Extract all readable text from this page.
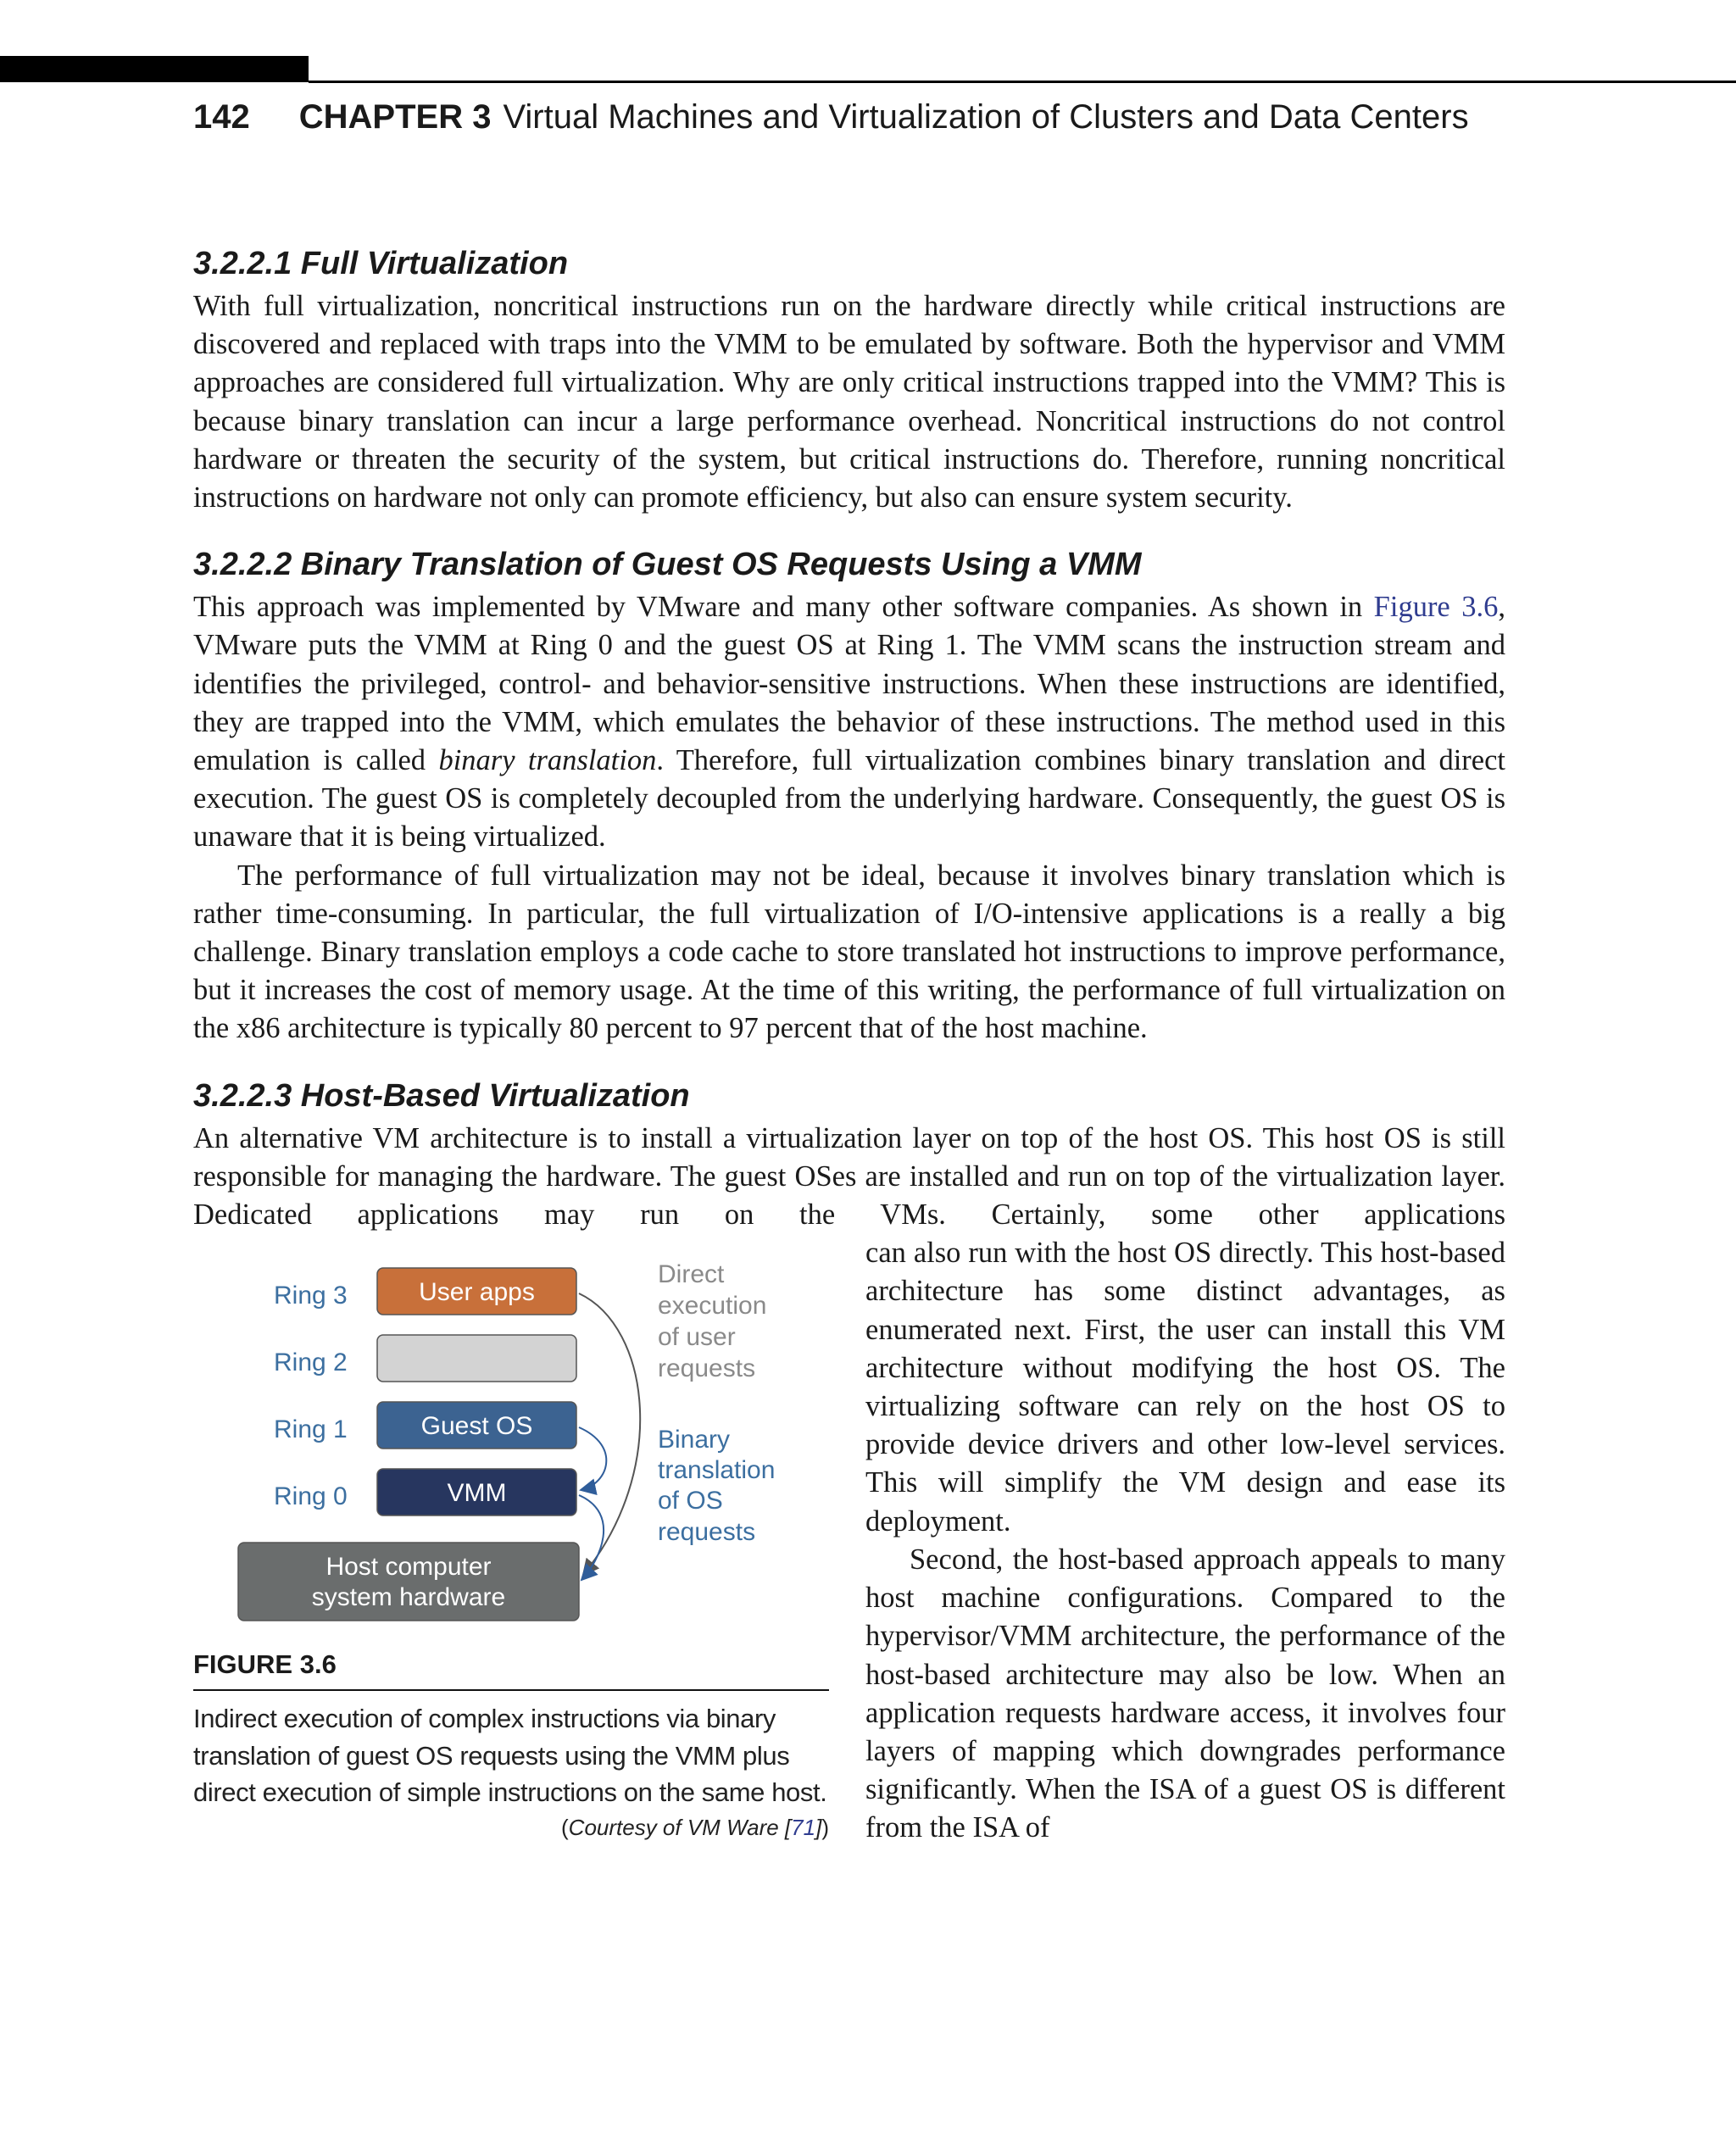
142 CHAPTER 3 Virtual Machines and Virtualization of Clusters and Data Centers
3.2.2.1 Full Virtualization

With full virtualization, noncritical instructions run on the hardware directly while critical instructions are discovered and replaced with traps into the VMM to be emulated by software. Both the hypervisor and VMM approaches are considered full virtualization. Why are only critical instructions trapped into the VMM? This is because binary translation can incur a large performance overhead. Noncritical instructions do not control hardware or threaten the security of the system, but critical instructions do. Therefore, running noncritical instructions on hardware not only can promote efficiency, but also can ensure system security.

3.2.2.2 Binary Translation of Guest OS Requests Using a VMM

This approach was implemented by VMware and many other software companies. As shown in Figure 3.6, VMware puts the VMM at Ring 0 and the guest OS at Ring 1. The VMM scans the instruction stream and identifies the privileged, control- and behavior-sensitive instructions. When these instructions are identified, they are trapped into the VMM, which emulates the behavior of these instructions. The method used in this emulation is called binary translation. Therefore, full virtualization combines binary translation and direct execution. The guest OS is completely decoupled from the underlying hardware. Consequently, the guest OS is unaware that it is being virtualized.

The performance of full virtualization may not be ideal, because it involves binary translation which is rather time-consuming. In particular, the full virtualization of I/O-intensive applications is a really a big challenge. Binary translation employs a code cache to store translated hot instructions to improve performance, but it increases the cost of memory usage. At the time of this writing, the performance of full virtualization on the x86 architecture is typically 80 percent to 97 percent that of the host machine.

3.2.2.3 Host-Based Virtualization

An alternative VM architecture is to install a virtualization layer on top of the host OS. This host OS is still responsible for managing the hardware. The guest OSes are installed and run on top of the virtualization layer. Dedicated applications may run on the VMs. Certainly, some other applications

Ring 3
Ring 2
Ring 1
Ring 0
User apps
Guest OS
VMM
Host computer
system hardware
Direct
execution
of user
requests
Binary
translation
of OS
requests
FIGURE 3.6
Indirect execution of complex instructions via binary translation of guest OS requests using the VMM plus direct execution of simple instructions on the same host.
(Courtesy of VM Ware [71])

can also run with the host OS directly. This host-based architecture has some distinct advantages, as enumerated next. First, the user can install this VM architecture without modifying the host OS. The virtualizing software can rely on the host OS to provide device drivers and other low-level services. This will simplify the VM design and ease its deployment.

Second, the host-based approach appeals to many host machine configurations. Compared to the hypervisor/VMM architecture, the performance of the host-based architecture may also be low. When an application requests hardware access, it involves four layers of mapping which downgrades performance significantly. When the ISA of a guest OS is different from the ISA of
